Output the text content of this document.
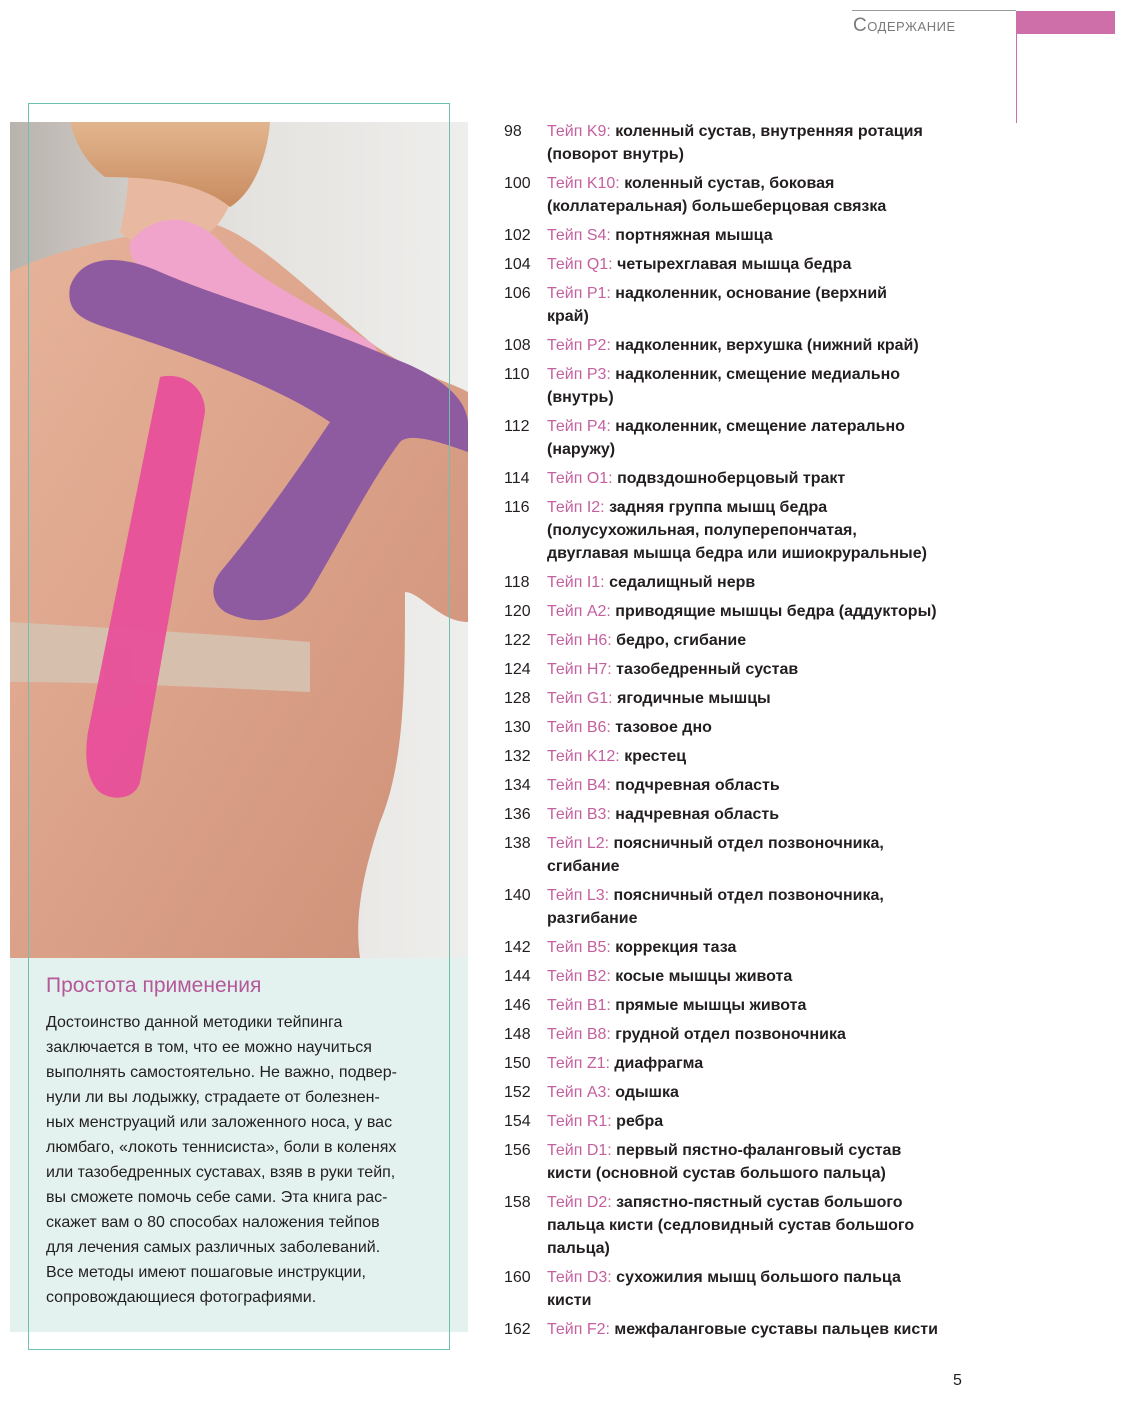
Содержание
Простота применения
Достоинство данной методики тейпинга
заключается в том, что ее можно научиться
выполнять самостоятельно. Не важно, подвер-
нули ли вы лодыжку, страдаете от болезнен-
ных менструаций или заложенного носа, у вас
люмбаго, «локоть теннисиста», боли в коленях
или тазобедренных суставах, взяв в руки тейп,
вы сможете помочь себе сами. Эта книга рас-
скажет вам о 80 способах наложения тейпов
для лечения самых различных заболеваний.
Все методы имеют пошаговые инструкции,
сопровождающиеся фотографиями.
98 Тейп K9: коленный сустав, внутренняя ротация
(поворот внутрь)
100 Тейп K10: коленный сустав, боковая
(коллатеральная) большеберцовая связка
102 Тейп S4: портняжная мышца
104 Тейп Q1: четырехглавая мышца бедра
106 Тейп P1: надколенник, основание (верхний
край)
108 Тейп P2: надколенник, верхушка (нижний край)
110 Тейп P3: надколенник, смещение медиально
(внутрь)
112 Тейп P4: надколенник, смещение латерально
(наружу)
114 Тейп O1: подвздошноберцовый тракт
116 Тейп I2: задняя группа мышц бедра
(полусухожильная, полуперепончатая,
двуглавая мышца бедра или ишиокруральные)
118 Тейп I1: седалищный нерв
120 Тейп A2: приводящие мышцы бедра (аддукторы)
122 Тейп H6: бедро, сгибание
124 Тейп H7: тазобедренный сустав
128 Тейп G1: ягодичные мышцы
130 Тейп B6: тазовое дно
132 Тейп K12: крестец
134 Тейп B4: подчревная область
136 Тейп B3: надчревная область
138 Тейп L2: поясничный отдел позвоночника,
сгибание
140 Тейп L3: поясничный отдел позвоночника,
разгибание
142 Тейп B5: коррекция таза
144 Тейп B2: косые мышцы живота
146 Тейп B1: прямые мышцы живота
148 Тейп B8: грудной отдел позвоночника
150 Тейп Z1: диафрагма
152 Тейп A3: одышка
154 Тейп R1: ребра
156 Тейп D1: первый пястно-фаланговый сустав
кисти (основной сустав большого пальца)
158 Тейп D2: запястно-пястный сустав большого
пальца кисти (седловидный сустав большого
пальца)
160 Тейп D3: сухожилия мышц большого пальца
кисти
162 Тейп F2: межфаланговые суставы пальцев кисти
5
